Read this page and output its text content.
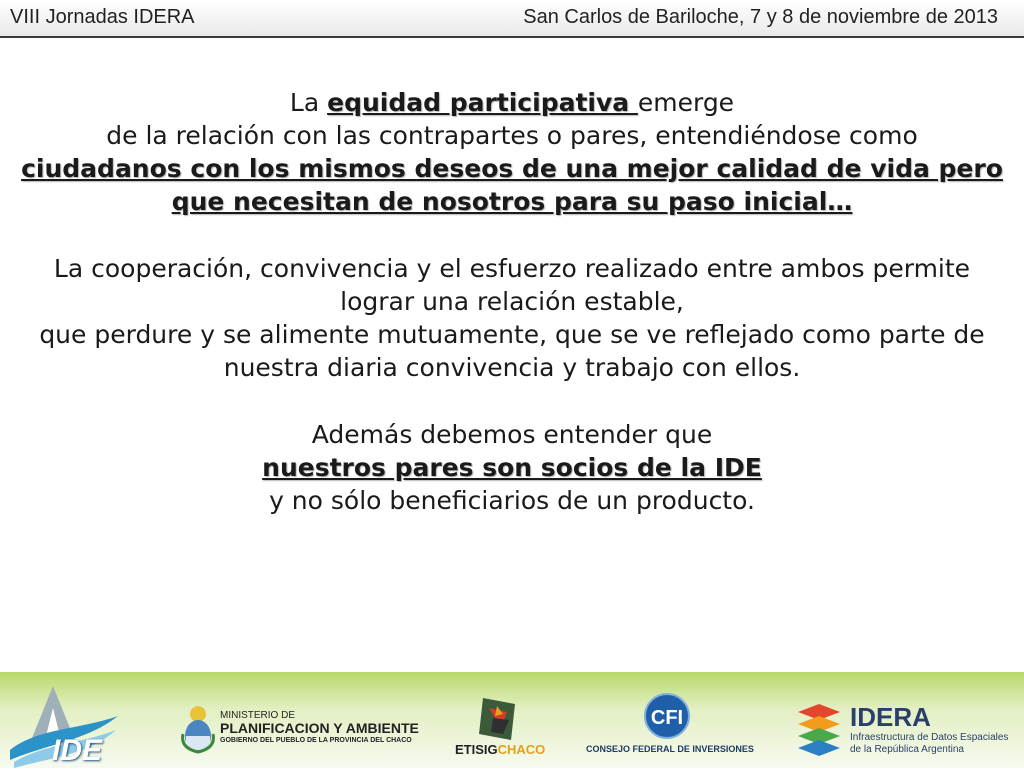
VIII Jornadas IDERA	San Carlos de Bariloche, 7 y 8 de noviembre de 2013

La equidad participativa emerge

de la relación con las contrapartes o pares, entendiéndose como

ciudadanos con los mismos deseos de una mejor calidad de vida pero que necesitan de nosotros para su paso inicial…

La cooperación, convivencia y el esfuerzo realizado entre ambos permite lograr una relación estable,

que perdure y se alimente mutuamente, que se ve reflejado como parte de nuestra diaria convivencia y trabajo con ellos.

Además debemos entender que

nuestros pares son socios de la IDE

y no sólo beneficiarios de un producto.

IDE
MINISTERIO DE
PLANIFICACION Y AMBIENTE
GOBIERNO DEL PUEBLO DE LA PROVINCIA DEL CHACO
ETISIGCHACO
CFI
CONSEJO FEDERAL DE INVERSIONES
IDERA
Infraestructura de Datos Espaciales de la República Argentina
